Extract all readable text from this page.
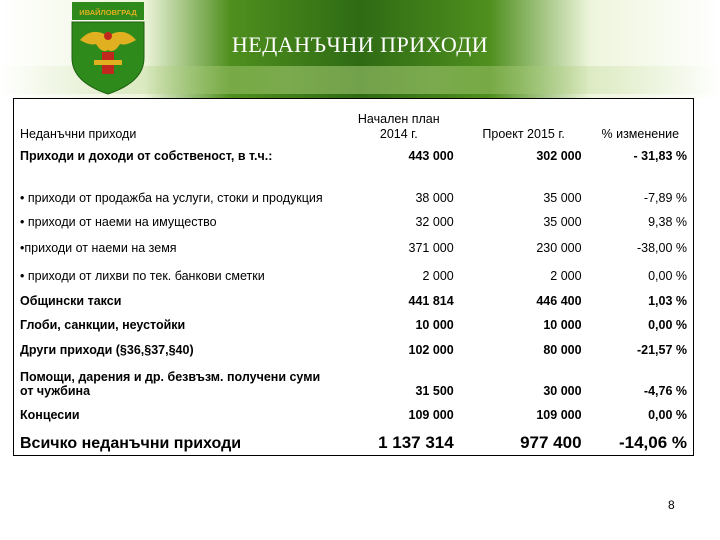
ИВАЙЛОВГРАД
НЕДАНЪЧНИ ПРИХОДИ
Неданъчни приходи	Начален план 2014 г.	Проект 2015 г.	% изменение
Приходи и доходи от собственост, в т.ч.:	443 000	302 000	- 31,83 %
• приходи от продажба на услуги, стоки и продукция	38 000	35 000	-7,89 %
• приходи от наеми на имущество	32 000	35 000	9,38 %
•приходи от наеми на земя	371 000	230 000	-38,00 %
• приходи от лихви по тек. банкови сметки	2 000	2 000	0,00 %
Общински такси	441 814	446 400	1,03 %
Глоби, санкции, неустойки	10 000	10 000	0,00 %
Други приходи (§36,§37,§40)	102 000	80 000	-21,57 %
Помощи, дарения и др. безвъзм. получени суми от чужбина	31 500	30 000	-4,76 %
Концесии	109 000	109 000	0,00 %
Всичко неданъчни приходи	1 137 314	977 400	-14,06 %
8
